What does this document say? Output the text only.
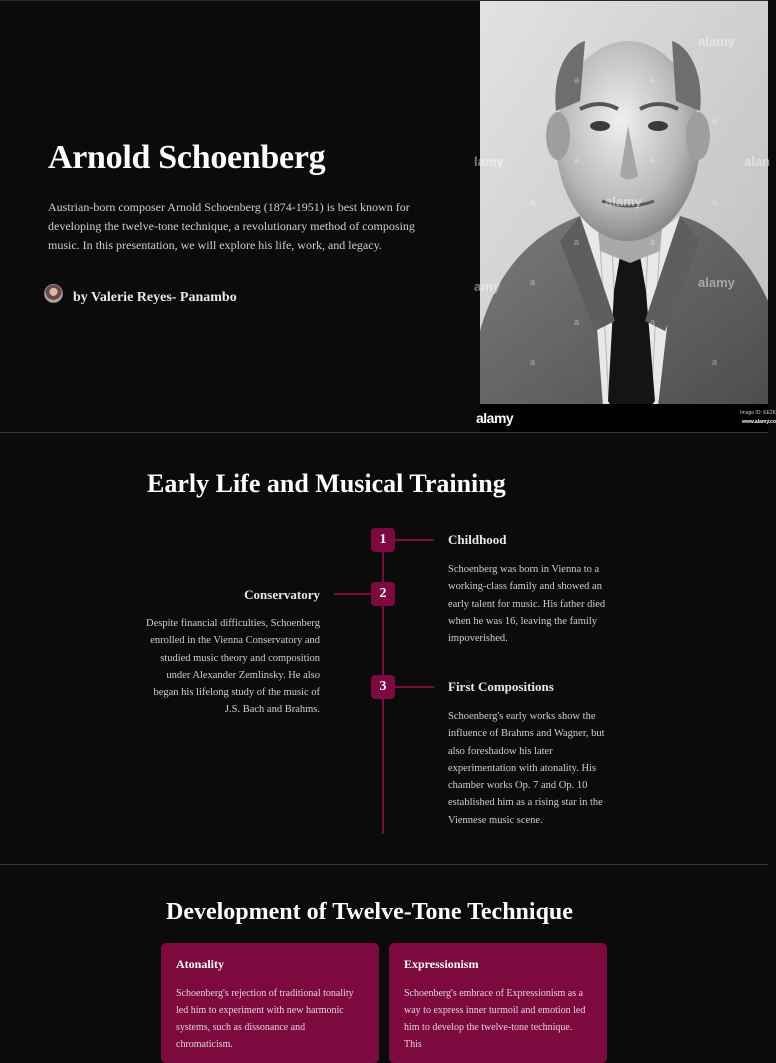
Arnold Schoenberg

Austrian-born composer Arnold Schoenberg (1874-1951) is best known for developing the twelve-tone technique, a revolutionary method of composing music. In this presentation, we will explore his life, work, and legacy.

by Valerie Reyes- Panambo
alamy
lamy
alamy
alan
alamy
amy
a	a
a
a	a
a	a
a	a
a
a	a
a	a
alamy	Image ID: KE2K
www.alamy.co
Early Life and Musical Training
1	Childhood

Schoenberg was born in Vienna to a working-class family and showed an early talent for music. His father died when he was 16, leaving the family impoverished.

2
Conservatory

Despite financial difficulties, Schoenberg enrolled in the Vienna Conservatory and studied music theory and composition under Alexander Zemlinsky. He also began his lifelong study of the music of J.S. Bach and Brahms.

3	First Compositions

Schoenberg's early works show the influence of Brahms and Wagner, but also foreshadow his later experimentation with atonality. His chamber works Op. 7 and Op. 10 established him as a rising star in the Viennese music scene.

Development of Twelve-Tone Technique
Atonality

Schoenberg's rejection of traditional tonality led him to experiment with new harmonic systems, such as dissonance and chromaticism.

Expressionism

Schoenberg's embrace of Expressionism as a way to express inner turmoil and emotion led him to develop the twelve-tone technique. This
